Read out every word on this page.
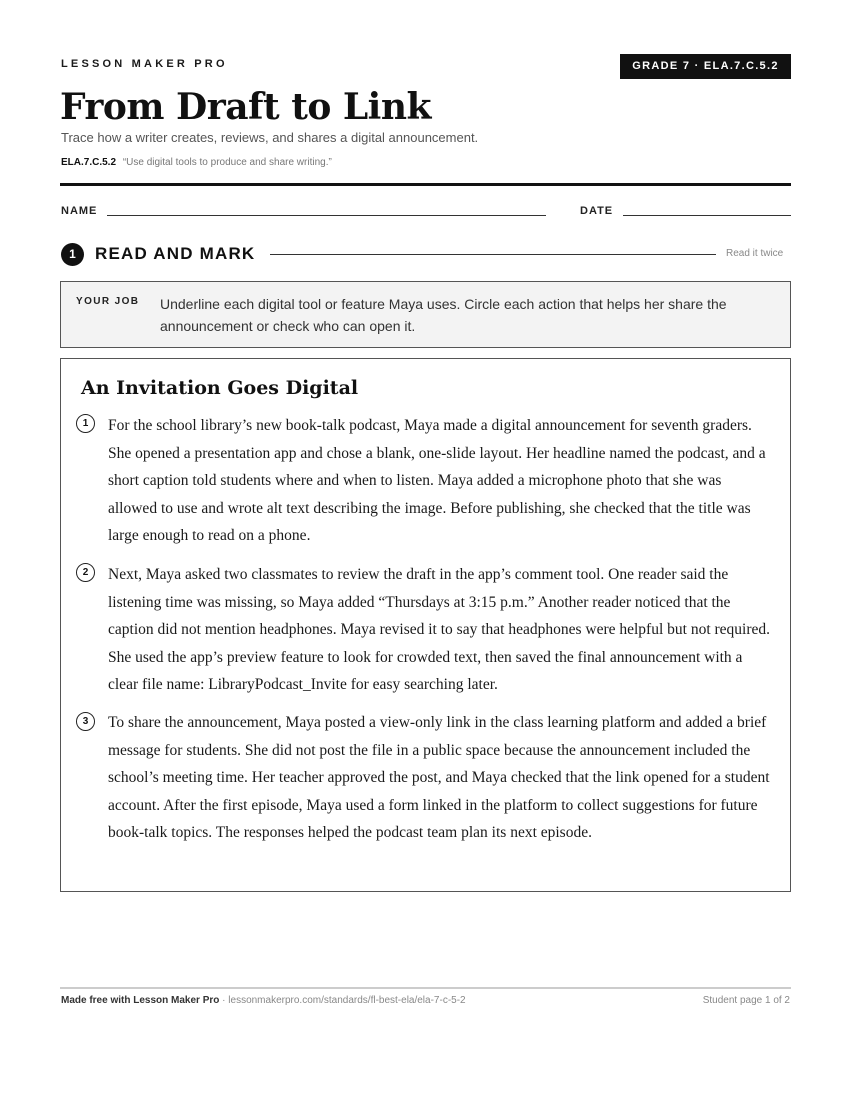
LESSON MAKER PRO	GRADE 7 · ELA.7.C.5.2
From Draft to Link
Trace how a writer creates, reviews, and shares a digital announcement.
ELA.7.C.5.2 “Use digital tools to produce and share writing.”
NAME	DATE
1	READ AND MARK	Read it twice
YOUR JOB Underline each digital tool or feature Maya uses. Circle each action that helps her share the announcement or check who can open it.
An Invitation Goes Digital
1	For the school library’s new book-talk podcast, Maya made a digital announcement for seventh graders. She opened a presentation app and chose a blank, one-slide layout. Her headline named the podcast, and a short caption told students where and when to listen. Maya added a microphone photo that she was allowed to use and wrote alt text describing the image. Before publishing, she checked that the title was large enough to read on a phone.

2	Next, Maya asked two classmates to review the draft in the app’s comment tool. One reader said the listening time was missing, so Maya added “Thursdays at 3:15 p.m.” Another reader noticed that the caption did not mention headphones. Maya revised it to say that headphones were helpful but not required. She used the app’s preview feature to look for crowded text, then saved the final announcement with a clear file name: LibraryPodcast_Invite for easy searching later.

3	To share the announcement, Maya posted a view-only link in the class learning platform and added a brief message for students. She did not post the file in a public space because the announcement included the school’s meeting time. Her teacher approved the post, and Maya checked that the link opened for a student account. After the first episode, Maya used a form linked in the platform to collect suggestions for future book-talk topics. The responses helped the podcast team plan its next episode.

Made free with Lesson Maker Pro · lessonmakerpro.com/standards/fl-best-ela/ela-7-c-5-2	Student page 1 of 2
